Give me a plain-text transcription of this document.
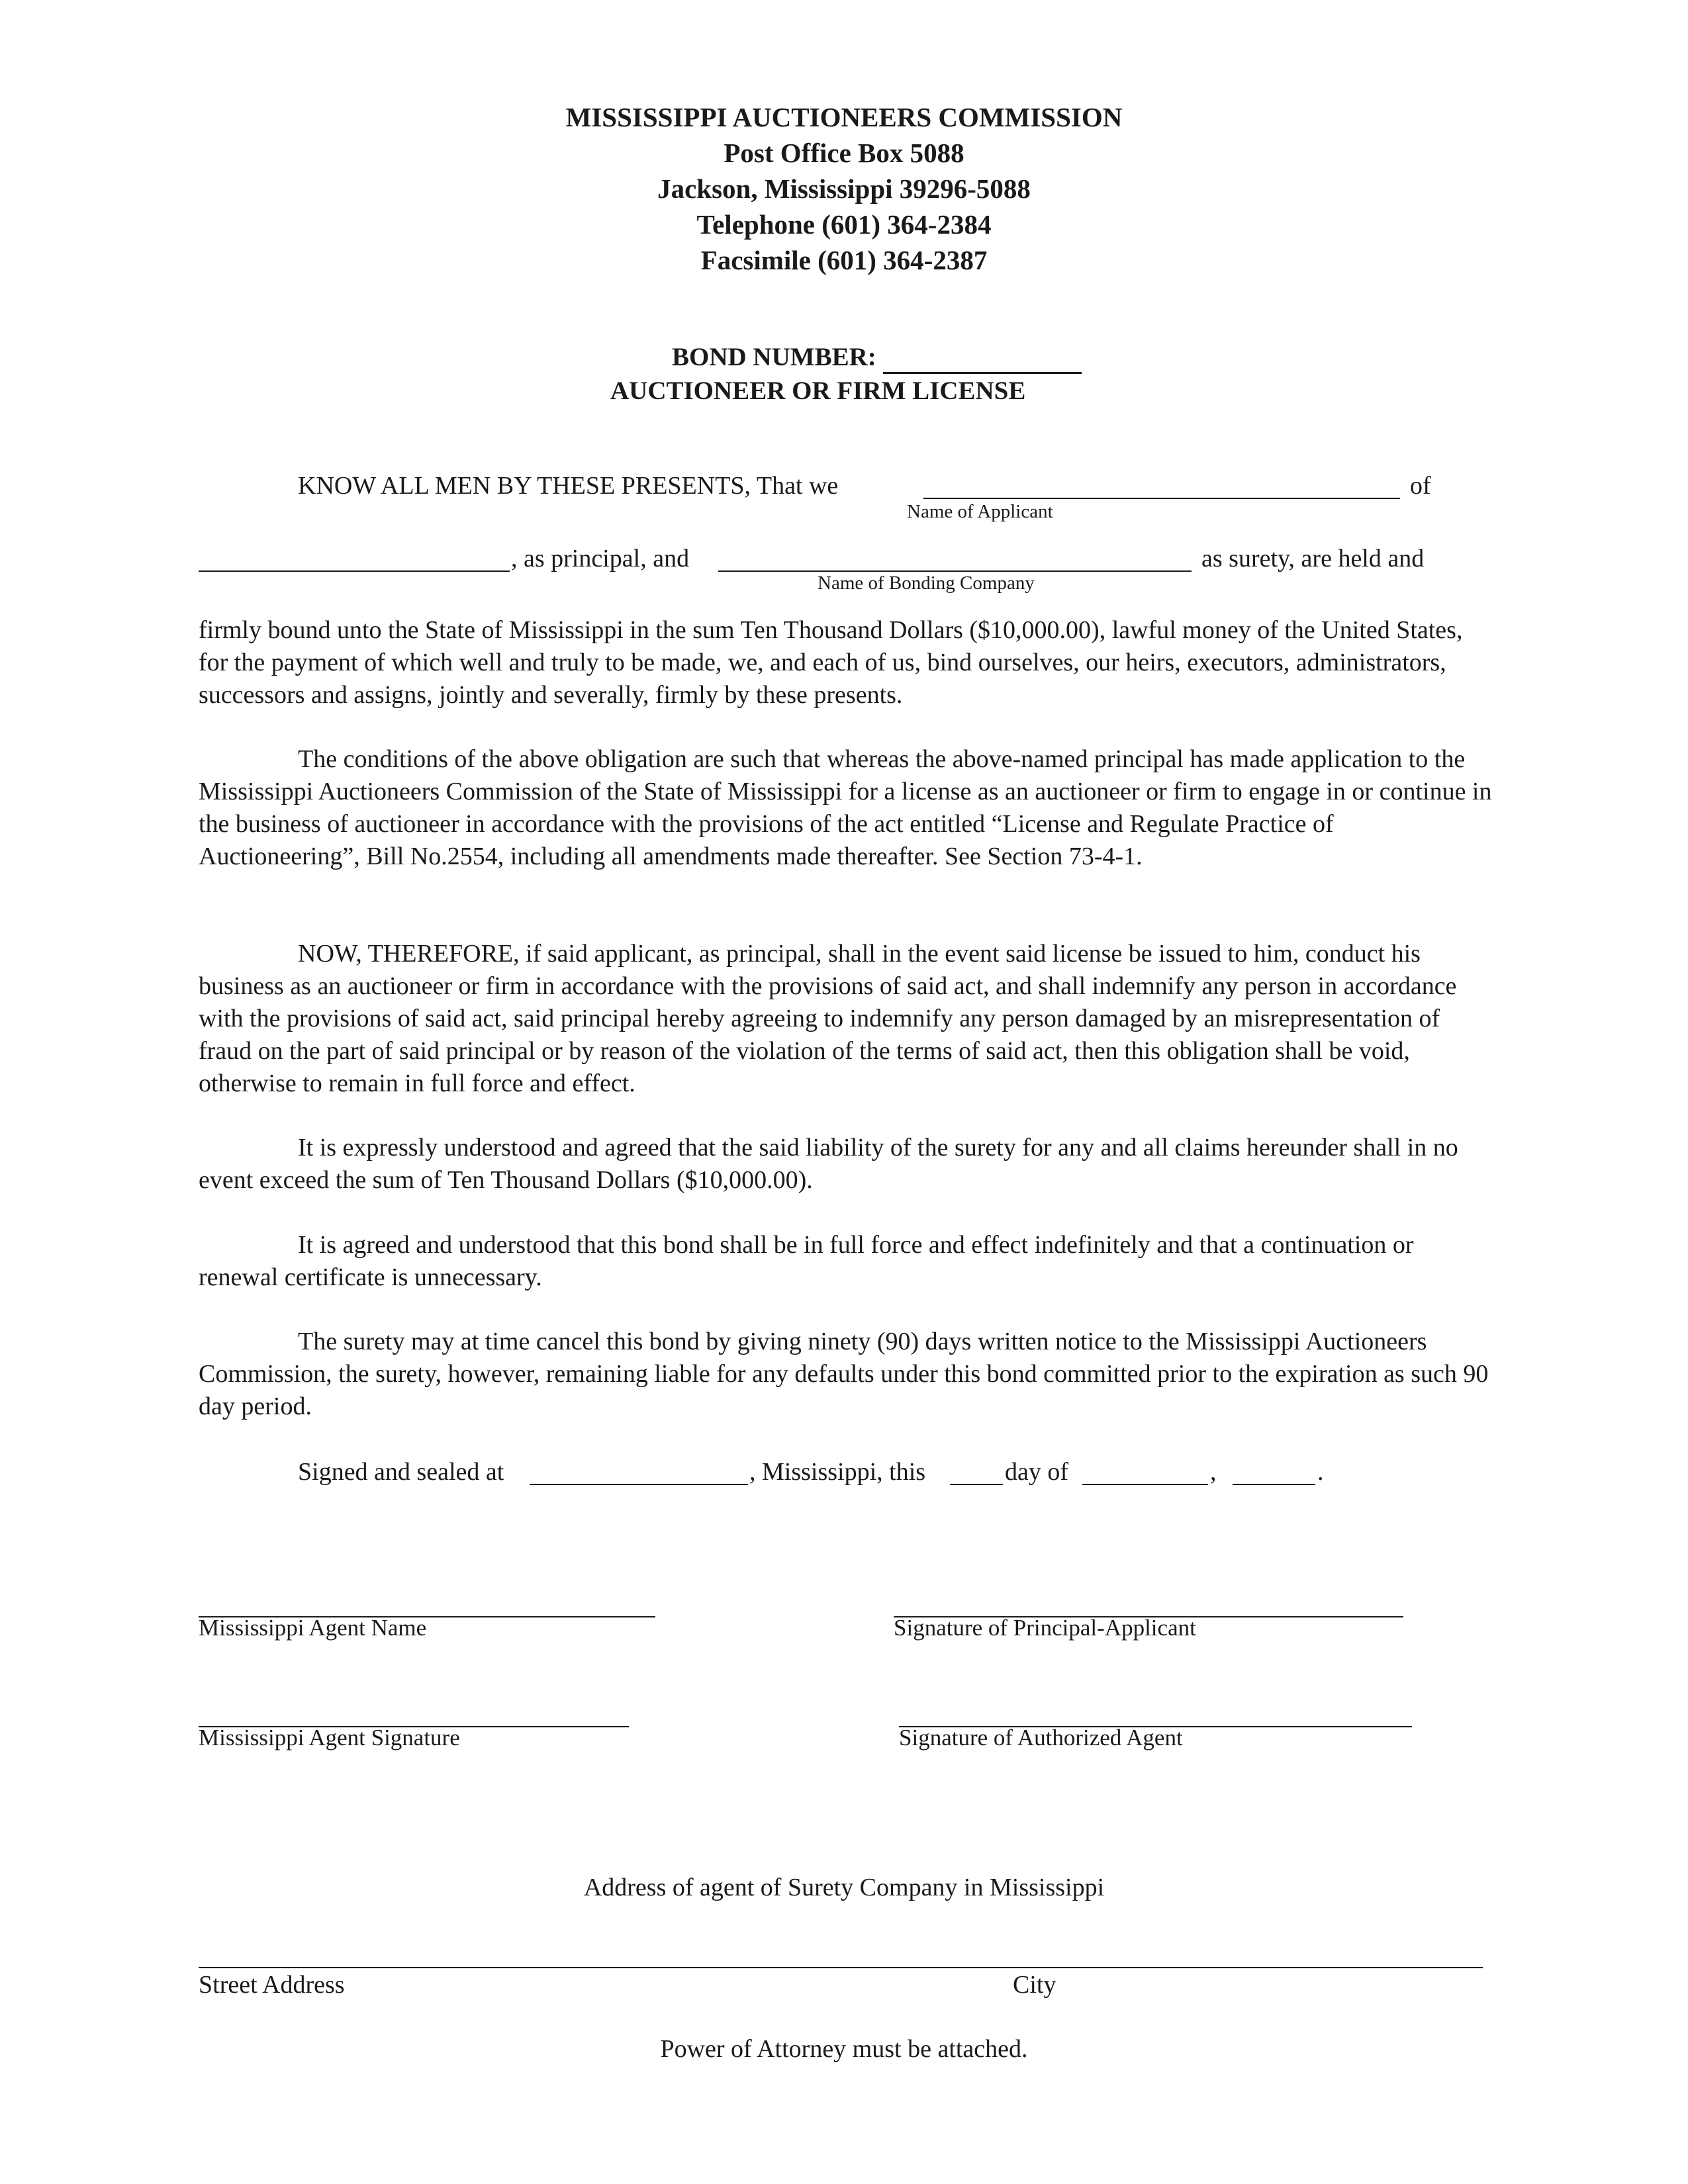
MISSISSIPPI AUCTIONEERS COMMISSION
Post Office Box 5088
Jackson, Mississippi 39296-5088
Telephone (601) 364-2384
Facsimile (601) 364-2387
BOND NUMBER:
AUCTIONEER OR FIRM LICENSE
KNOW ALL MEN BY THESE PRESENTS, That we	of
Name of Applicant
, as principal, and	as surety, are held and
Name of Bonding Company
firmly bound unto the State of Mississippi in the sum Ten Thousand Dollars ($10,000.00), lawful money of the United States, for the payment of which well and truly to be made, we, and each of us, bind ourselves, our heirs, executors, administrators, successors and assigns, jointly and severally, firmly by these presents.
The conditions of the above obligation are such that whereas the above-named principal has made application to the Mississippi Auctioneers Commission of the State of Mississippi for a license as an auctioneer or firm to engage in or continue in the business of auctioneer in accordance with the provisions of the act entitled “License and Regulate Practice of Auctioneering”, Bill No.2554, including all amendments made thereafter. See Section 73-4-1.
NOW, THEREFORE, if said applicant, as principal, shall in the event said license be issued to him, conduct his business as an auctioneer or firm in accordance with the provisions of said act, and shall indemnify any person in accordance with the provisions of said act, said principal hereby agreeing to indemnify any person damaged by an misrepresentation of fraud on the part of said principal or by reason of the violation of the terms of said act, then this obligation shall be void, otherwise to remain in full force and effect.
It is expressly understood and agreed that the said liability of the surety for any and all claims hereunder shall in no event exceed the sum of Ten Thousand Dollars ($10,000.00).
It is agreed and understood that this bond shall be in full force and effect indefinitely and that a continuation or renewal certificate is unnecessary.
The surety may at time cancel this bond by giving ninety (90) days written notice to the Mississippi Auctioneers Commission, the surety, however, remaining liable for any defaults under this bond committed prior to the expiration as such 90 day period.
Signed and sealed at	, Mississippi, this	day of	,	.
Mississippi Agent Name	Signature of Principal-Applicant
Mississippi Agent Signature	Signature of Authorized Agent
Address of agent of Surety Company in Mississippi
Street Address	City
Power of Attorney must be attached.
